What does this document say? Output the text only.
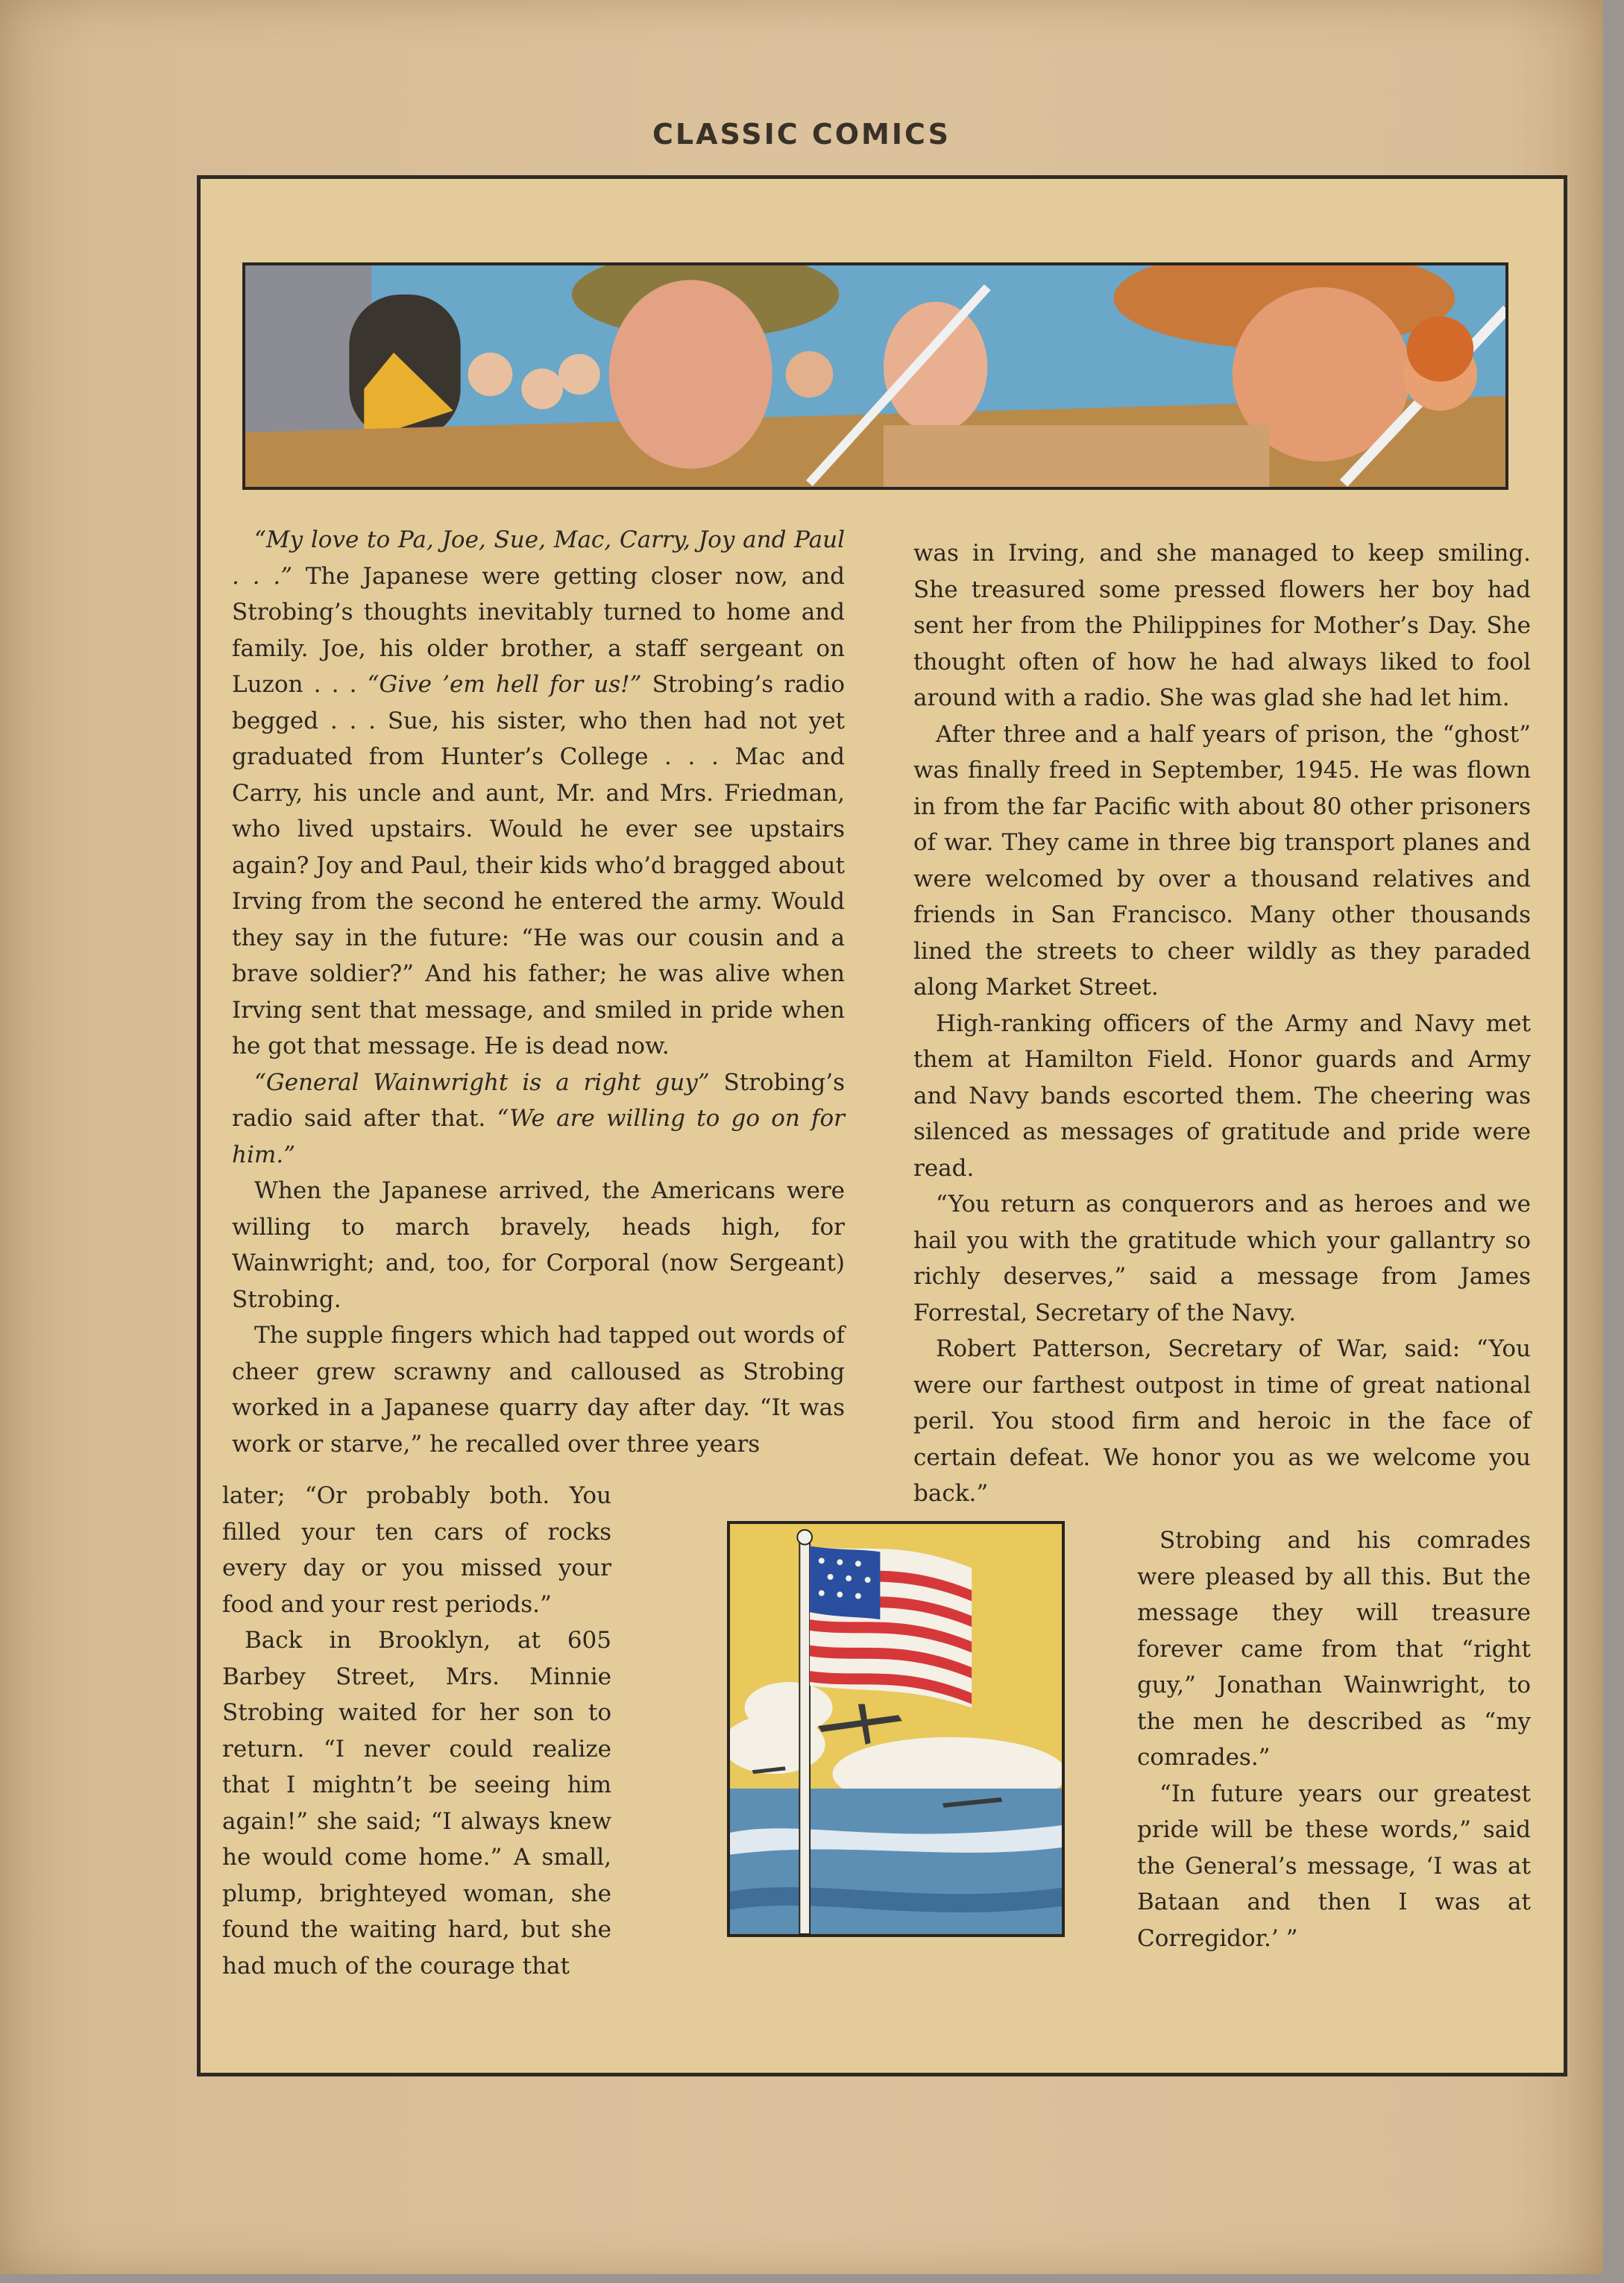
CLASSIC COMICS

“My love to Pa, Joe, Sue, Mac, Carry, Joy and Paul . . .” The Japanese were getting closer now, and Strobing’s thoughts inevitably turned to home and family. Joe, his older brother, a staff sergeant on Luzon . . . “Give ’em hell for us!” Strobing’s radio begged . . . Sue, his sister, who then had not yet graduated from Hunter’s College . . . Mac and Carry, his uncle and aunt, Mr. and Mrs. Friedman, who lived upstairs. Would he ever see upstairs again? Joy and Paul, their kids who’d bragged about Irving from the second he entered the army. Would they say in the future: “He was our cousin and a brave soldier?” And his father; he was alive when Irving sent that message, and smiled in pride when he got that message. He is dead now.

“General Wainwright is a right guy” Strobing’s radio said after that. “We are willing to go on for him.”

When the Japanese arrived, the Americans were willing to march bravely, heads high, for Wainwright; and, too, for Corporal (now Sergeant) Strobing.

The supple fingers which had tapped out words of cheer grew scrawny and calloused as Strobing worked in a Japanese quarry day after day. “It was work or starve,” he recalled over three years

later; “Or probably both. You filled your ten cars of rocks every day or you missed your food and your rest periods.”

Back in Brooklyn, at 605 Barbey Street, Mrs. Minnie Strobing waited for her son to return. “I never could realize that I mightn’t be seeing him again!” she said; “I always knew he would come home.” A small, plump, brighteyed woman, she found the waiting hard, but she had much of the courage that

was in Irving, and she managed to keep smiling. She treasured some pressed flowers her boy had sent her from the Philippines for Mother’s Day. She thought often of how he had always liked to fool around with a radio. She was glad she had let him.

After three and a half years of prison, the “ghost” was finally freed in September, 1945. He was flown in from the far Pacific with about 80 other prisoners of war. They came in three big transport planes and were welcomed by over a thousand relatives and friends in San Francisco. Many other thousands lined the streets to cheer wildly as they paraded along Market Street.

High-ranking officers of the Army and Navy met them at Hamilton Field. Honor guards and Army and Navy bands escorted them. The cheering was silenced as messages of gratitude and pride were read.

“You return as conquerors and as heroes and we hail you with the gratitude which your gallantry so richly deserves,” said a message from James Forrestal, Secretary of the Navy.

Robert Patterson, Secretary of War, said: “You were our farthest outpost in time of great national peril. You stood firm and heroic in the face of certain defeat. We honor you as we welcome you back.”

Strobing and his comrades were pleased by all this. But the message they will treasure forever came from that “right guy,” Jonathan Wainwright, to the men he described as “my comrades.”

“In future years our greatest pride will be these words,” said the General’s message, ‘I was at Bataan and then I was at Corregidor.’ ”
